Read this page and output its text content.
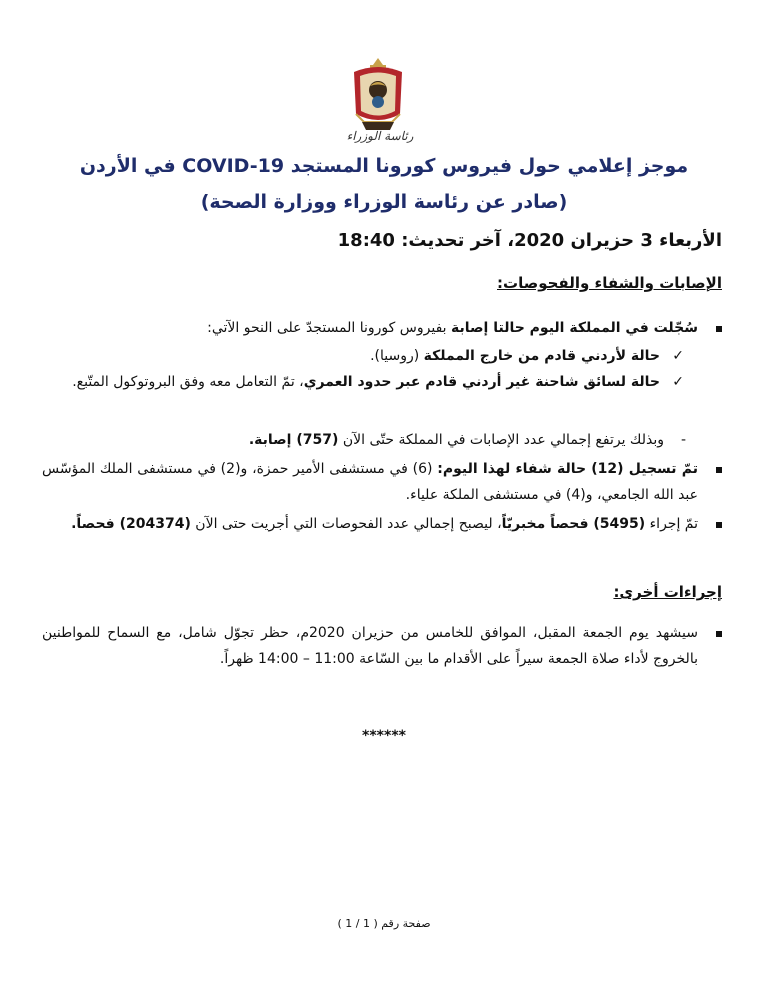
رئاسة الوزراء
موجز إعلامي حول فيروس كورونا المستجد COVID-19 في الأردن
(صادر عن رئاسة الوزراء ووزارة الصحة)
الأربعاء 3 حزيران 2020، آخر تحديث: 18:40
الإصابات والشفاء والفحوصات:
سُجّلت في المملكة اليوم حالتا إصابة بفيروس كورونا المستجدّ على النحو الآتي:
✓
حالة لأردني قادم من خارج المملكة (روسيا).
✓
حالة لسائق شاحنة غير أردني قادم عبر حدود العمري، تمّ التعامل معه وفق البروتوكول المتّبع.
-
وبذلك يرتفع إجمالي عدد الإصابات في المملكة حتّى الآن (757) إصابة.
تمّ تسجيل (12) حالة شفاء لهذا اليوم: (6) في مستشفى الأمير حمزة، و(2) في مستشفى الملك المؤسّس عبد الله الجامعي، و(4) في مستشفى الملكة علياء.
تمّ إجراء (5495) فحصاً مخبريّاً، ليصبح إجمالي عدد الفحوصات التي أجريت حتى الآن (204374) فحصاً.
إجراءات أخرى:
سيشهد يوم الجمعة المقبل، الموافق للخامس من حزيران 2020م، حظر تجوّل شامل، مع السماح للمواطنين بالخروج لأداء صلاة الجمعة سيراً على الأقدام ما بين السّاعة 11:00 – 14:00 ظهراً.
******
صفحة رقم ( 1 / 1 )
